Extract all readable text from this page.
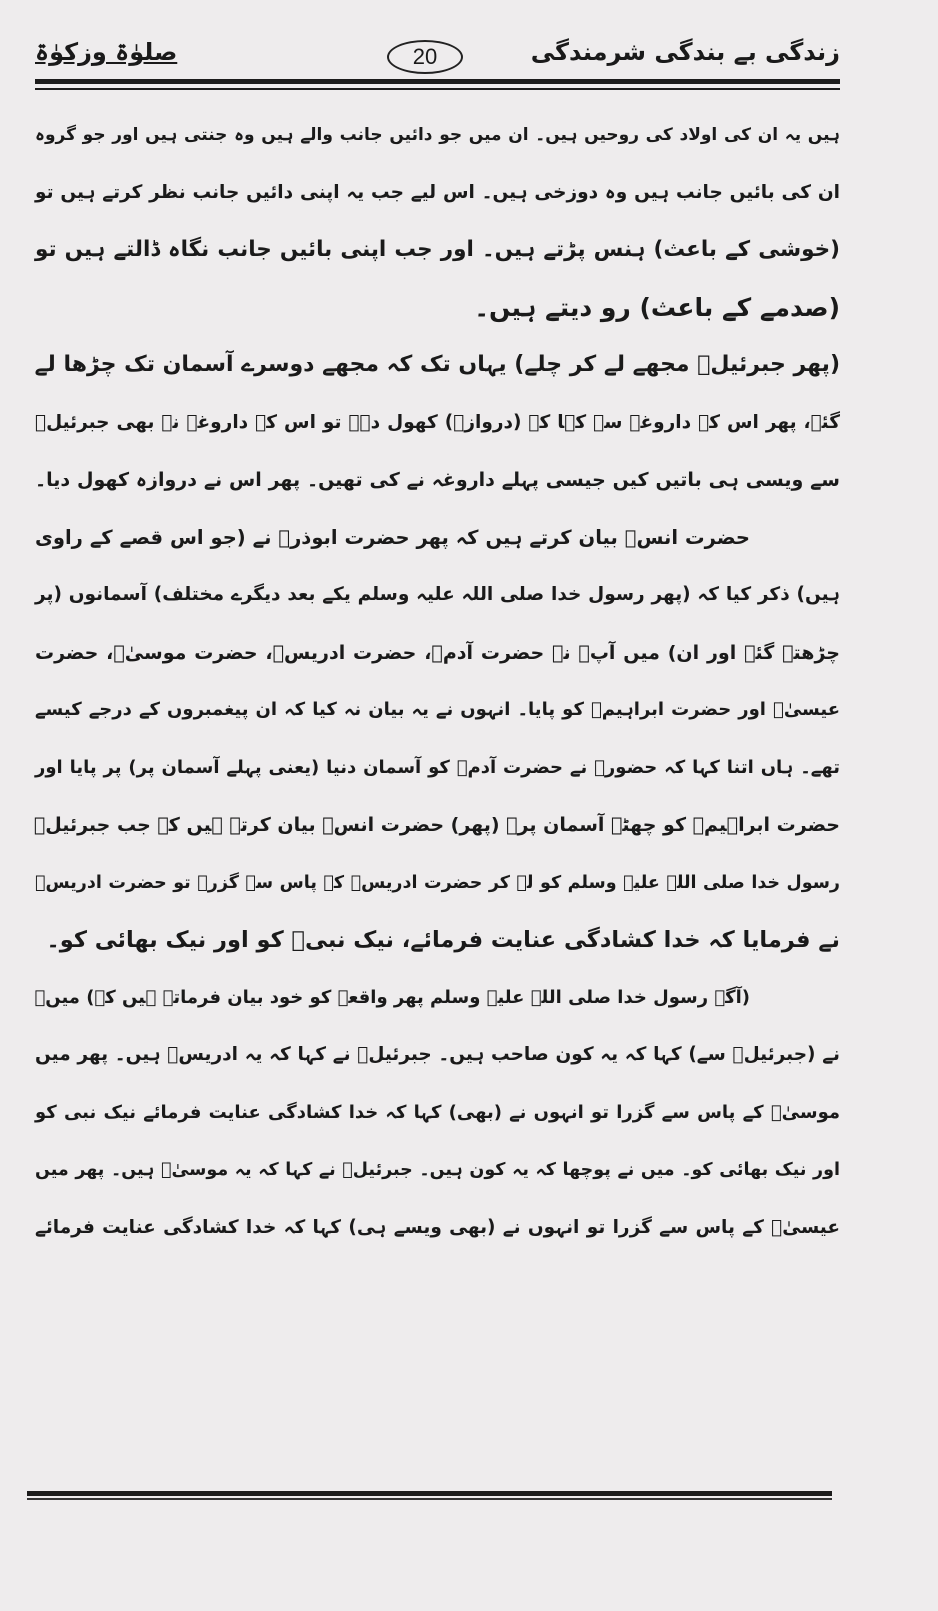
زندگی بے بندگی شرمندگی
20
صلوٰۃ وزکوٰۃ
ہیں یہ ان کی اولاد کی روحیں ہیں۔ ان میں جو دائیں جانب والے ہیں وہ جنتی ہیں اور جو گروہ
ان کی بائیں جانب ہیں وہ دوزخی ہیں۔ اس لیے جب یہ اپنی دائیں جانب نظر کرتے ہیں تو
(خوشی کے باعث) ہنس پڑتے ہیں۔ اور جب اپنی بائیں جانب نگاہ ڈالتے ہیں تو
(صدمے کے باعث) رو دیتے ہیں۔
(پھر جبرئیلؑ مجھے لے کر چلے) یہاں تک کہ مجھے دوسرے آسمان تک چڑھا لے
گئے، پھر اس کے داروغہ سے کہا کہ (دروازہ) کھول دے۔ تو اس کے داروغہ نے بھی جبرئیلؑ
سے ویسی ہی باتیں کیں جیسی پہلے داروغہ نے کی تھیں۔ پھر اس نے دروازہ کھول دیا۔
حضرت انسؓ بیان کرتے ہیں کہ پھر حضرت ابوذرؓ نے (جو اس قصے کے راوی
ہیں) ذکر کیا کہ (پھر رسول خدا صلی اللہ علیہ وسلم یکے بعد دیگرے مختلف) آسمانوں (پر
چڑھتے گئے اور ان) میں آپؐ نے حضرت آدمؑ، حضرت ادریسؑ، حضرت موسیٰؑ، حضرت
عیسیٰؑ اور حضرت ابراہیمؑ کو پایا۔ انہوں نے یہ بیان نہ کیا کہ ان پیغمبروں کے درجے کیسے
تھے۔ ہاں اتنا کہا کہ حضورؐ نے حضرت آدمؑ کو آسمان دنیا (یعنی پہلے آسمان پر) پر پایا اور
حضرت ابراہیمؑ کو چھٹے آسمان پر۔ (پھر) حضرت انسؓ بیان کرتے ہیں کہ جب جبرئیلؑ
رسول خدا صلی اللہ علیہ وسلم کو لے کر حضرت ادریسؑ کے پاس سے گزرے تو حضرت ادریسؑ
نے فرمایا کہ خدا کشادگی عنایت فرمائے، نیک نبیؐ کو اور نیک بھائی کو۔
(آگے رسول خدا صلی اللہ علیہ وسلم پھر واقعے کو خود بیان فرماتے ہیں کہ) میںؐ
نے (جبرئیلؑ سے) کہا کہ یہ کون صاحب ہیں۔ جبرئیلؑ نے کہا کہ یہ ادریسؑ ہیں۔ پھر میں
موسیٰؑ کے پاس سے گزرا تو انہوں نے (بھی) کہا کہ خدا کشادگی عنایت فرمائے نیک نبی کو
اور نیک بھائی کو۔ میں نے پوچھا کہ یہ کون ہیں۔ جبرئیلؑ نے کہا کہ یہ موسیٰؑ ہیں۔ پھر میں
عیسیٰؑ کے پاس سے گزرا تو انہوں نے (بھی ویسے ہی) کہا کہ خدا کشادگی عنایت فرمائے
